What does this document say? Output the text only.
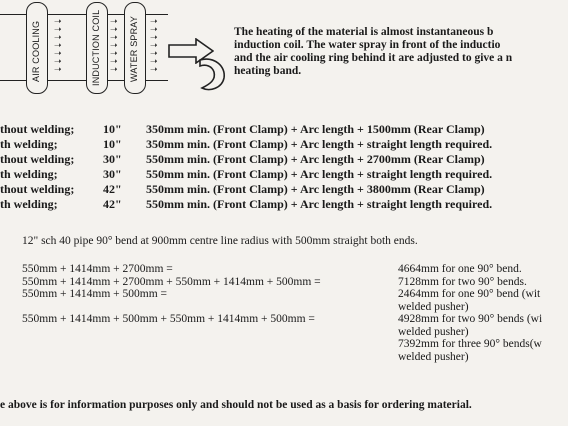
AIR COOLING	INDUCTION COIL	WATER SPRAY
➝
➝
➝
➝
➝
➝
➝
➝
➝
➝
➝
➝
➝
➝
➝
➝
➝
➝
➝
➝
➝
The heating of the material is almost instantaneous b
induction coil. The water spray in front of the inductio
and the air cooling ring behind it are adjusted to give a n
heating band.
thout welding; 10" 350mm min. (Front Clamp) + Arc length + 1500mm (Rear Clamp)
th welding;	10" 350mm min. (Front Clamp) + Arc length + straight length required.
thout welding; 30" 550mm min. (Front Clamp) + Arc length + 2700mm (Rear Clamp)
th welding;	30" 550mm min. (Front Clamp) + Arc length + straight length required.
thout welding; 42" 550mm min. (Front Clamp) + Arc length + 3800mm (Rear Clamp)
th welding;	42" 550mm min. (Front Clamp) + Arc length + straight length required.
12" sch 40 pipe 90° bend at 900mm centre line radius with 500mm straight both ends.
550mm + 1414mm + 2700mm =	4664mm for one 90° bend.
550mm + 1414mm + 2700mm + 550mm + 1414mm + 500mm =	7128mm for two 90° bends.
550mm + 1414mm + 500mm =	2464mm for one 90° bend (wit
welded pusher)
550mm + 1414mm + 500mm + 550mm + 1414mm + 500mm =	4928mm for two 90° bends (wi
welded pusher)
7392mm for three 90° bends(w
welded pusher)
e above is for information purposes only and should not be used as a basis for ordering material.
